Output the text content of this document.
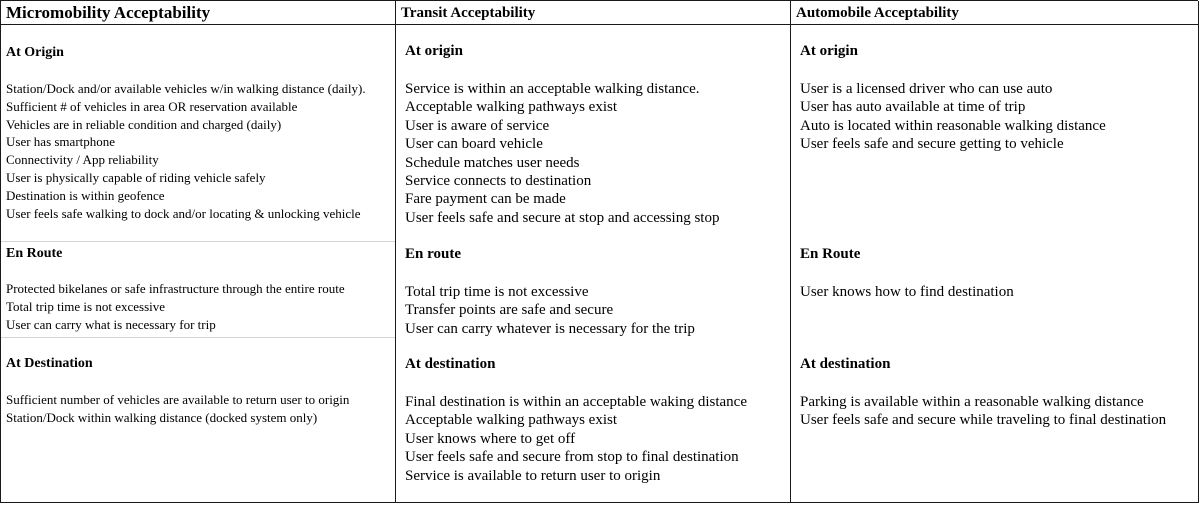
Micromobility Acceptability
At Origin
Station/Dock and/or available vehicles w/in walking distance (daily).
Sufficient # of vehicles in area OR reservation available
Vehicles are in reliable condition and charged (daily)
User has smartphone
Connectivity / App reliability
User is physically capable of riding vehicle safely
Destination is within geofence
User feels safe walking to dock and/or locating & unlocking vehicle
En Route
Protected bikelanes or safe infrastructure through the entire route
Total trip time is not excessive
User can carry what is necessary for trip
At Destination
Sufficient number of vehicles are available to return user to origin
Station/Dock within walking distance (docked system only)
Transit Acceptability
At origin
Service is within an acceptable walking distance.
Acceptable walking pathways exist
User is aware of service
User can board vehicle
Schedule matches user needs
Service connects to destination
Fare payment can be made
User feels safe and secure at stop and accessing stop
En route
Total trip time is not excessive
Transfer points are safe and secure
User can carry whatever is necessary for the trip
At destination
Final destination is within an acceptable waking distance
Acceptable walking pathways exist
User knows where to get off
User feels safe and secure from stop to final destination
Service is available to return user to origin
Automobile Acceptability
At origin
User is a licensed driver who can use auto
User has auto available at time of trip
Auto is located within reasonable walking distance
User feels safe and secure getting to vehicle
En Route
User knows how to find destination
At destination
Parking is available within a reasonable walking distance
User feels safe and secure while traveling to final destination
